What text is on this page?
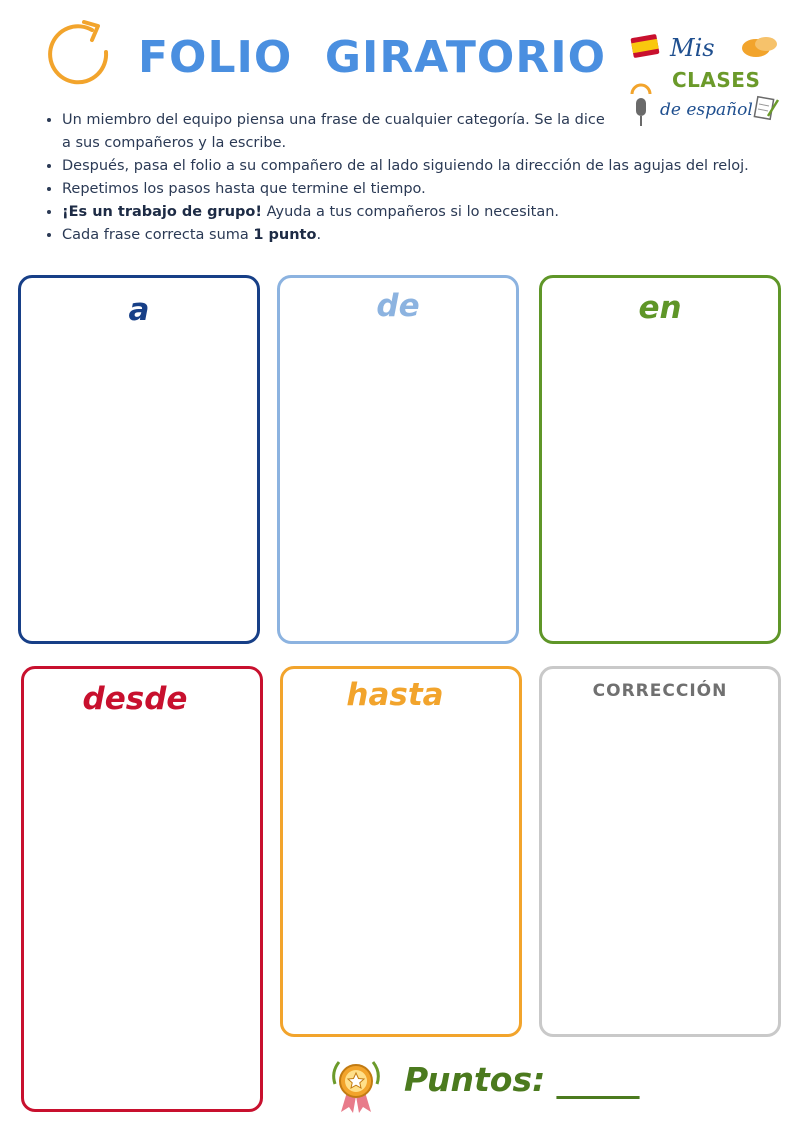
FOLIO  GIRATORIO	Mis
CLASES
de español
• Un miembro del equipo piensa una frase de cualquier categoría. Se la dice a sus compañeros y la escribe.
• Después, pasa el folio a su compañero de al lado siguiendo la dirección de las agujas del reloj.
• Repetimos los pasos hasta que termine el tiempo.
• ¡Es un trabajo de grupo! Ayuda a tus compañeros si lo necesitan.
• Cada frase correcta suma 1 punto.
a	de	en
desde	hasta	CORRECCIÓN
Puntos: _____
